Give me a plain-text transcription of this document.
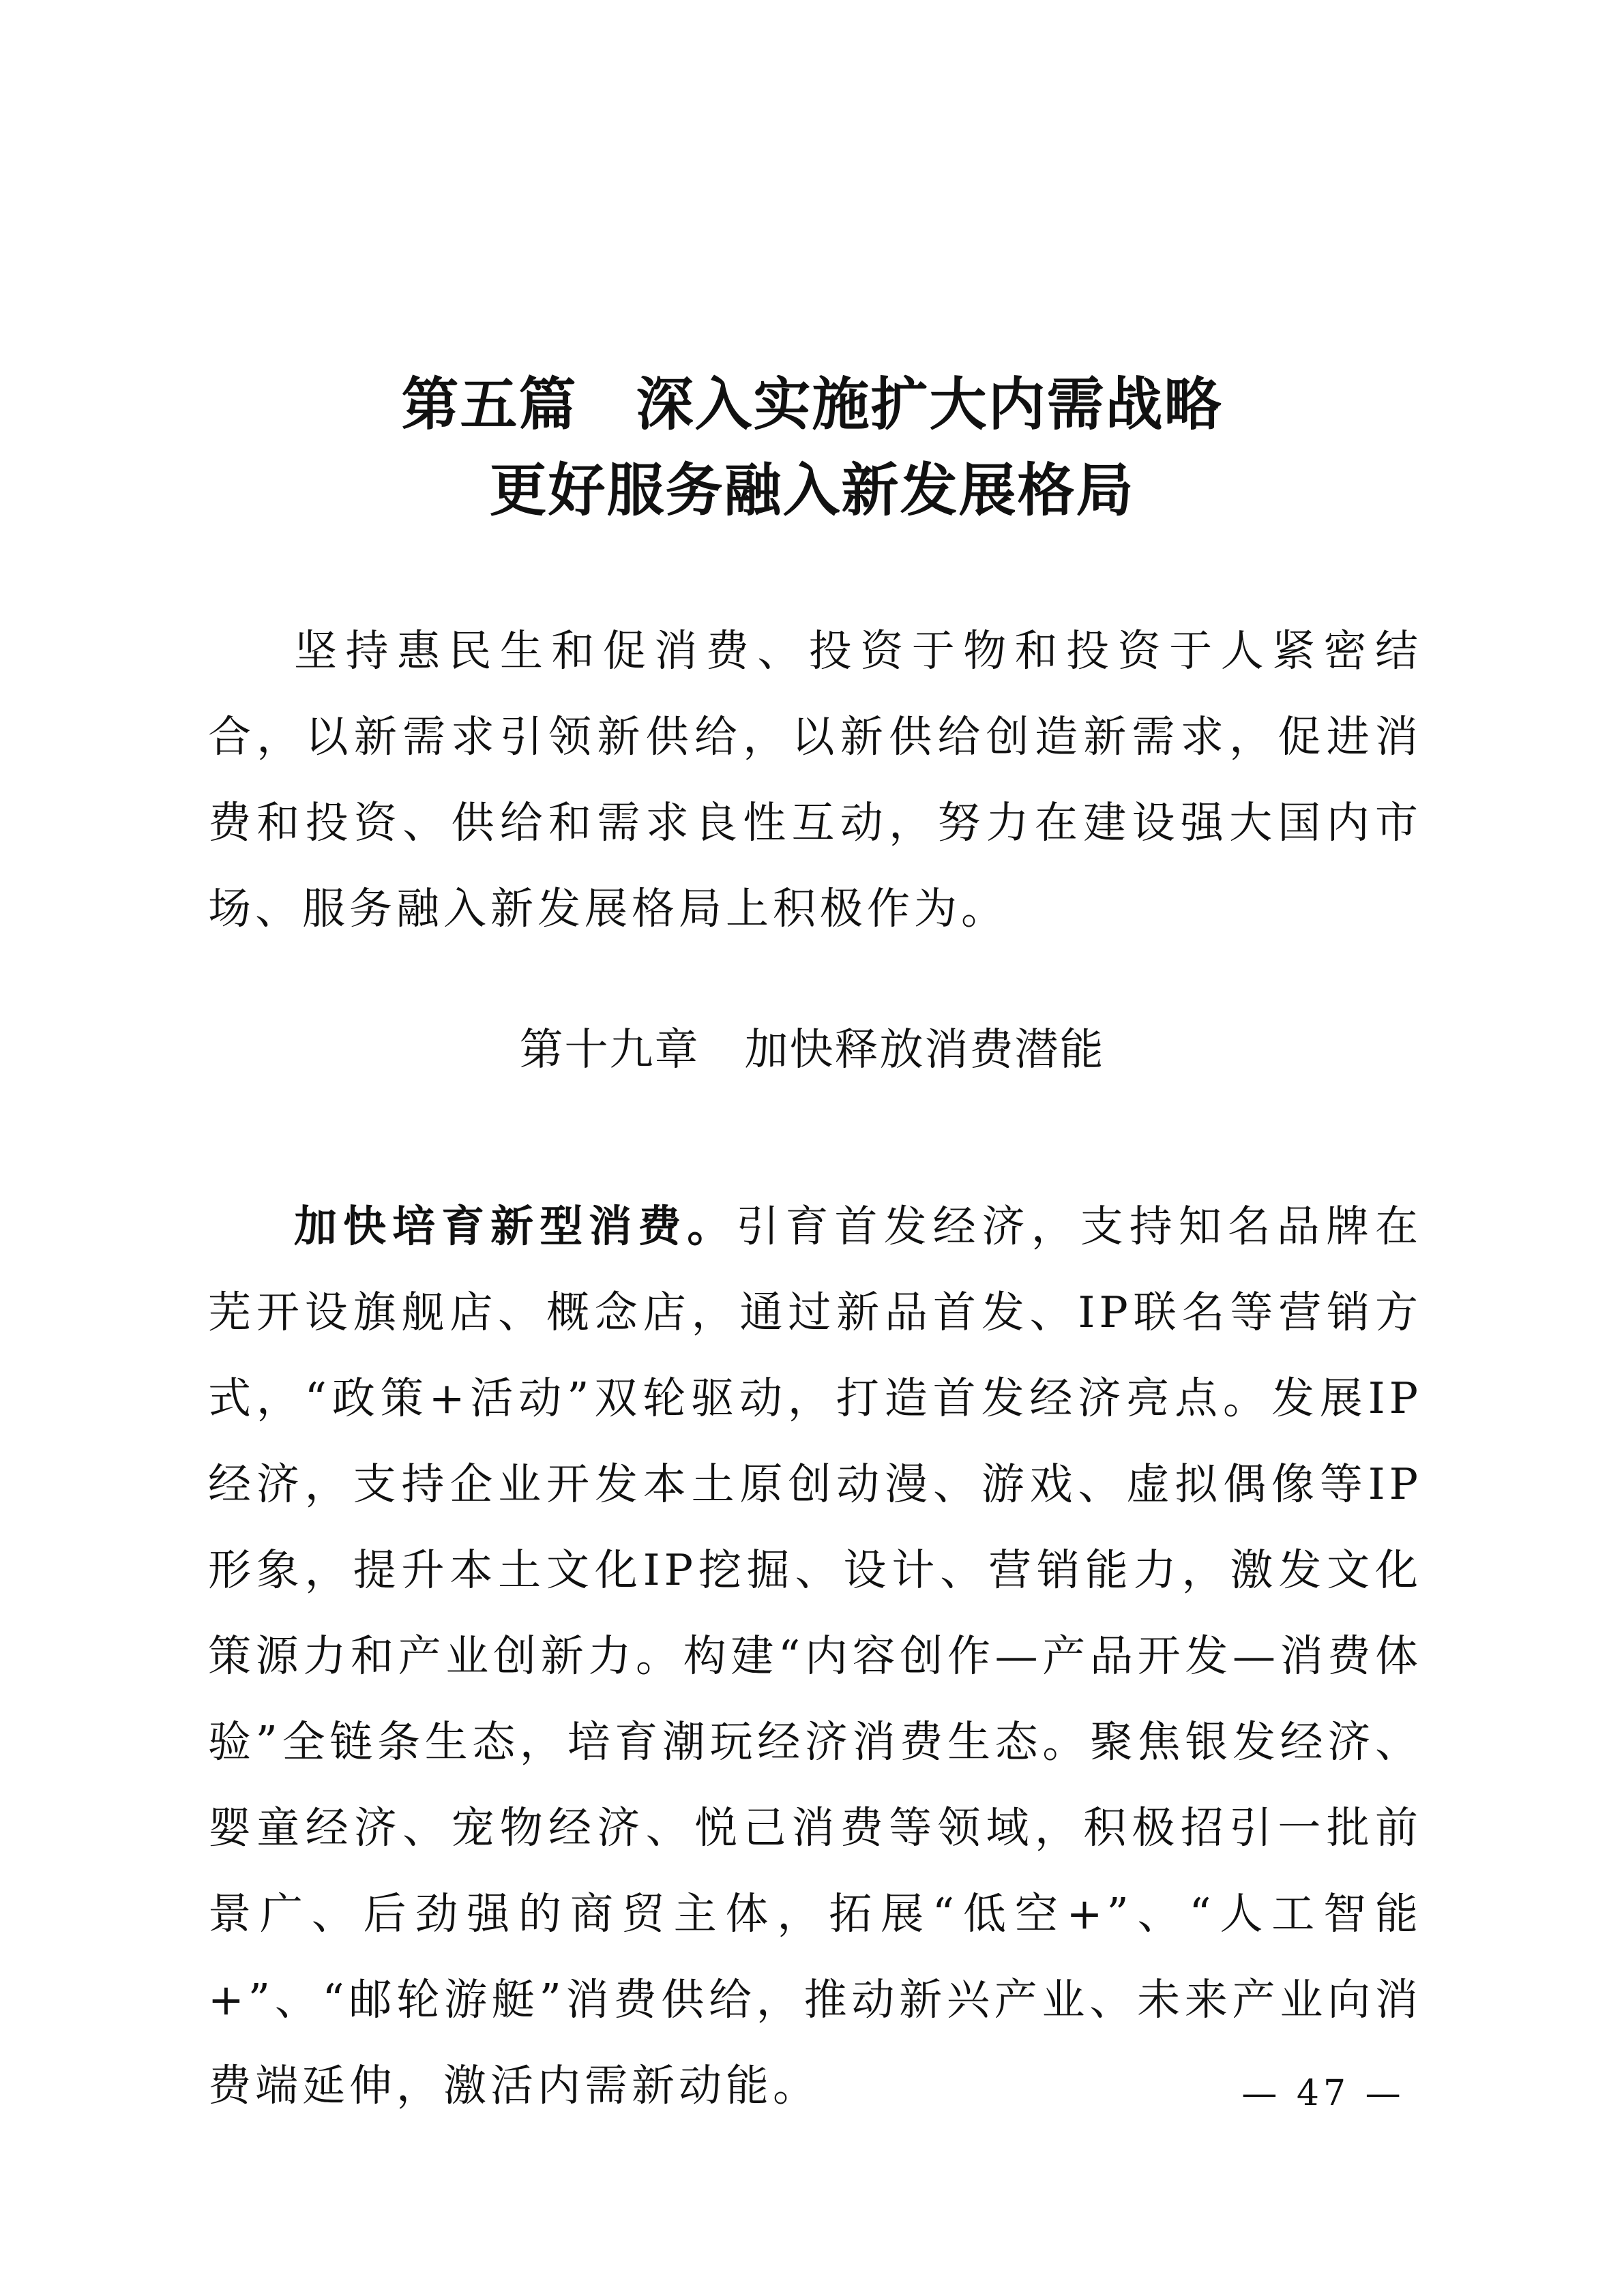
第五篇　深入实施扩大内需战略
更好服务融入新发展格局

坚持惠民生和促消费、投资于物和投资于人紧密结合，以新需求引领新供给，以新供给创造新需求，促进消费和投资、供给和需求良性互动，努力在建设强大国内市场、服务融入新发展格局上积极作为。

第十九章　加快释放消费潜能

加快培育新型消费。引育首发经济，支持知名品牌在芜开设旗舰店、概念店，通过新品首发、IP联名等营销方式，“政策+活动”双轮驱动，打造首发经济亮点。发展IP经济，支持企业开发本土原创动漫、游戏、虚拟偶像等IP形象，提升本土文化IP挖掘、设计、营销能力，激发文化策源力和产业创新力。构建“内容创作—产品开发—消费体验”全链条生态，培育潮玩经济消费生态。聚焦银发经济、婴童经济、宠物经济、悦己消费等领域，积极招引一批前景广、后劲强的商贸主体，拓展“低空+”、“人工智能+”、“邮轮游艇”消费供给，推动新兴产业、未来产业向消费端延伸，激活内需新动能。	— 47 —
